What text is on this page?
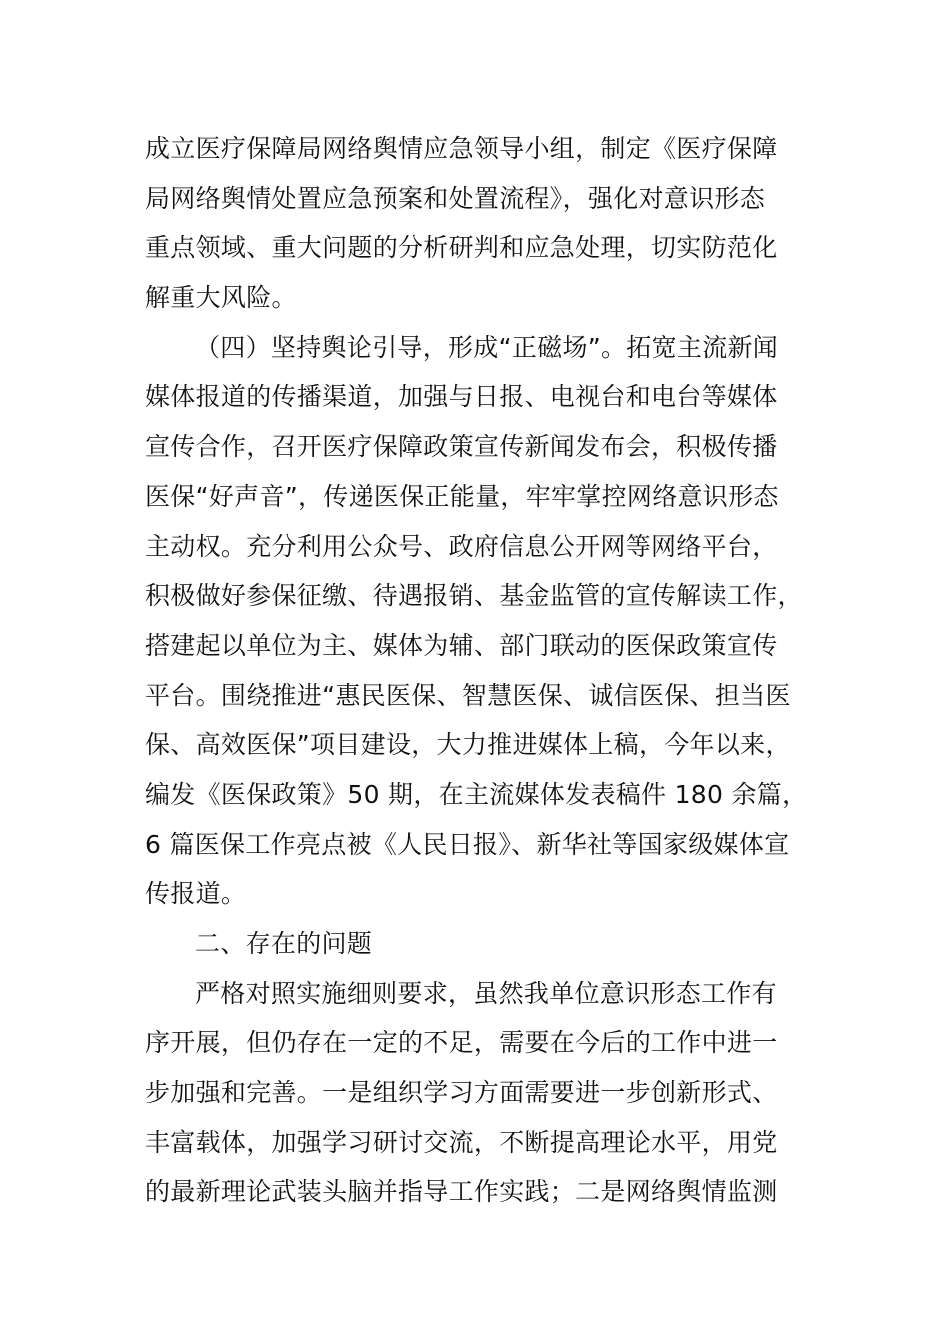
成立医疗保障局网络舆情应急领导小组，制定《医疗保障
局网络舆情处置应急预案和处置流程》，强化对意识形态
重点领域、重大问题的分析研判和应急处理，切实防范化
解重大风险。
（四）坚持舆论引导，形成“正磁场”。拓宽主流新闻
媒体报道的传播渠道，加强与日报、电视台和电台等媒体
宣传合作，召开医疗保障政策宣传新闻发布会，积极传播
医保“好声音”，传递医保正能量，牢牢掌控网络意识形态
主动权。充分利用公众号、政府信息公开网等网络平台，
积极做好参保征缴、待遇报销、基金监管的宣传解读工作，
搭建起以单位为主、媒体为辅、部门联动的医保政策宣传
平台。围绕推进“惠民医保、智慧医保、诚信医保、担当医
保、高效医保”项目建设，大力推进媒体上稿，今年以来，
编发《医保政策》50 期，在主流媒体发表稿件 180 余篇，
6 篇医保工作亮点被《人民日报》、新华社等国家级媒体宣
传报道。
二、存在的问题
严格对照实施细则要求，虽然我单位意识形态工作有
序开展，但仍存在一定的不足，需要在今后的工作中进一
步加强和完善。一是组织学习方面需要进一步创新形式、
丰富载体，加强学习研讨交流，不断提高理论水平，用党
的最新理论武装头脑并指导工作实践；二是网络舆情监测
